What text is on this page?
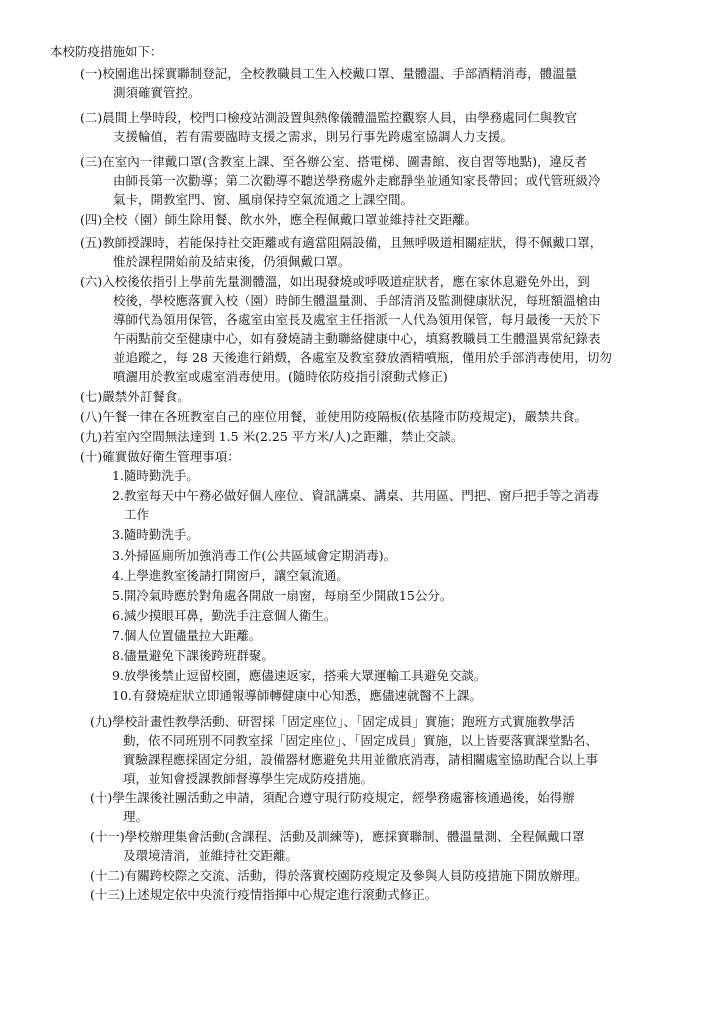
本校防疫措施如下：
(一)校園進出採實聯制登記，全校教職員工生入校戴口罩、量體溫、手部酒精消毒，體溫量
測須確實管控。
(二)晨間上學時段，校門口檢疫站測設置與熱像儀體溫監控觀察人員，由學務處同仁與教官
支援輪值，若有需要臨時支援之需求，則另行事先跨處室協調人力支援。
(三)在室內一律戴口罩(含教室上課、至各辦公室、搭電梯、圖書館、夜自習等地點)，違反者
由師長第一次勸導；第二次勸導不聽送學務處外走廊靜坐並通知家長帶回；或代管班級冷
氣卡，開教室門、窗、風扇保持空氣流通之上課空間。
(四)全校（園）師生除用餐、飲水外，應全程佩戴口罩並維持社交距離。
(五)教師授課時，若能保持社交距離或有適當阻隔設備，且無呼吸道相關症狀，得不佩戴口罩，
惟於課程開始前及結束後，仍須佩戴口罩。
(六)入校後依指引上學前先量測體溫，如出現發燒或呼吸道症狀者，應在家休息避免外出，到
校後，學校應落實入校（園）時師生體溫量測、手部清消及監測健康狀況，每班額溫槍由
導師代為領用保管，各處室由室長及處室主任指派一人代為領用保管，每月最後一天於下
午兩點前交至健康中心，如有發燒請主動聯絡健康中心，填寫教職員工生體溫異常紀錄表
並追蹤之，每 28 天後進行銷燬，各處室及教室發放酒精噴瓶，僅用於手部消毒使用，切勿
噴灑用於教室或處室消毒使用。(隨時依防疫指引滾動式修正)
(七)嚴禁外訂餐食。
(八)午餐一律在各班教室自己的座位用餐，並使用防疫隔板(依基隆市防疫規定)，嚴禁共食。
(九)若室內空間無法達到 1.5 米(2.25 平方米/人)之距離，禁止交談。
(十)確實做好衛生管理事項：
1.隨時勤洗手。
2.教室每天中午務必做好個人座位、資訊講桌、講桌、共用區、門把、窗戶把手等之消毒
工作
3.隨時勤洗手。
3.外掃區廁所加強消毒工作(公共區域會定期消毒)。
4.上學進教室後請打開窗戶，讓空氣流通。
5.開冷氣時應於對角處各開啟一扇窗，每扇至少開啟15公分。
6.減少摸眼耳鼻，勤洗手注意個人衛生。
7.個人位置儘量拉大距離。
8.儘量避免下課後跨班群聚。
9.放學後禁止逗留校園，應儘速返家，搭乘大眾運輸工具避免交談。
10.有發燒症狀立即通報導師轉健康中心知悉，應儘速就醫不上課。
(九)學校計畫性教學活動、研習採「固定座位」、「固定成員」實施；跑班方式實施教學活
動，依不同班別不同教室採「固定座位」、「固定成員」實施，以上皆要落實課堂點名、
實驗課程應採固定分組，設備器材應避免共用並徹底消毒，請相關處室協助配合以上事
項，並知會授課教師督導學生完成防疫措施。
(十)學生課後社團活動之申請，須配合遵守現行防疫規定，經學務處審核通過後，始得辦
理。
(十一)學校辦理集會活動(含課程、活動及訓練等)，應採實聯制、體溫量測、全程佩戴口罩
及環境清消，並維持社交距離。
(十二)有關跨校際之交流、活動，得於落實校園防疫規定及參與人員防疫措施下開放辦理。
(十三)上述規定依中央流行疫情指揮中心規定進行滾動式修正。
